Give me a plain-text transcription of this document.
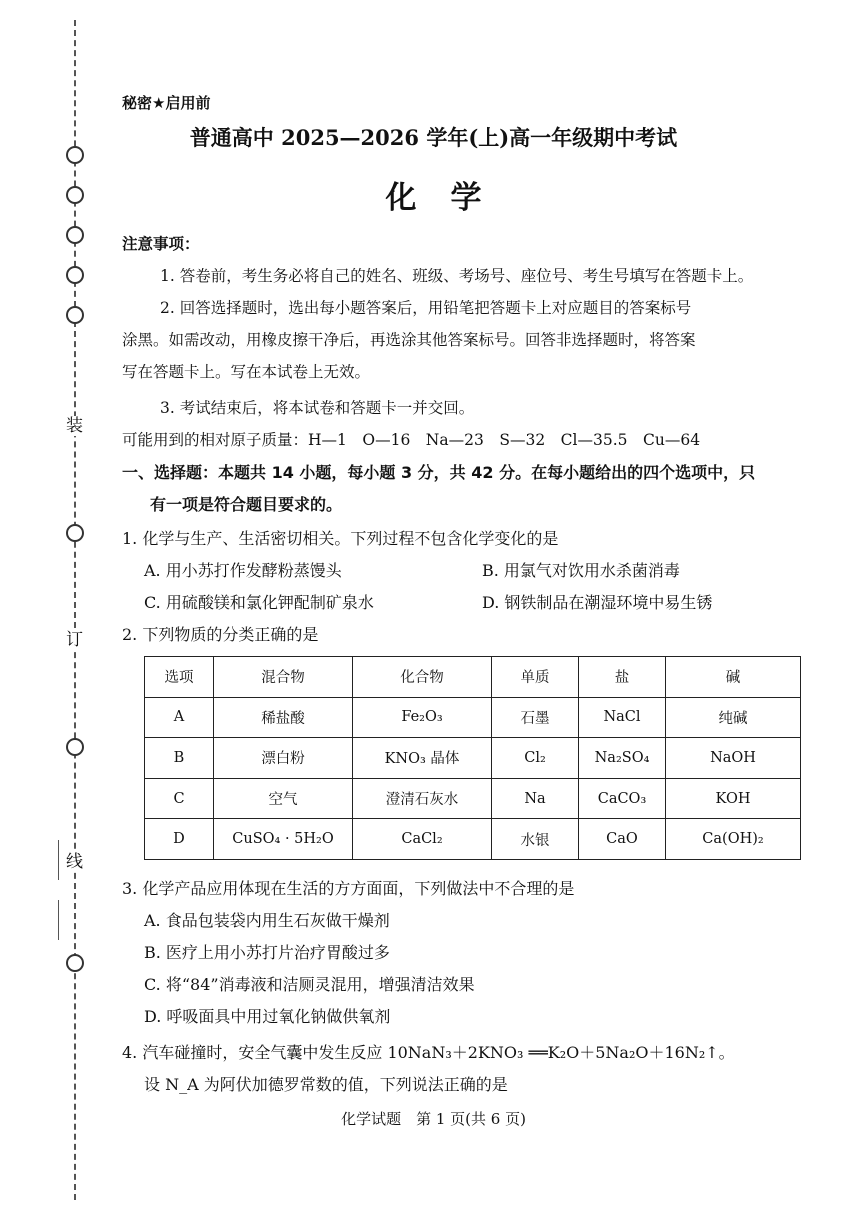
装
订
线
秘密★启用前
普通高中 2025—2026 学年(上)高一年级期中考试
化学
注意事项：
1. 答卷前，考生务必将自己的姓名、班级、考场号、座位号、考生号填写在答题卡上。
2. 回答选择题时，选出每小题答案后，用铅笔把答题卡上对应题目的答案标号
涂黑。如需改动，用橡皮擦干净后，再选涂其他答案标号。回答非选择题时，将答案
写在答题卡上。写在本试卷上无效。
3. 考试结束后，将本试卷和答题卡一并交回。
可能用到的相对原子质量：H—1　O—16　Na—23　S—32　Cl—35.5　Cu—64
一、选择题：本题共 14 小题，每小题 3 分，共 42 分。在每小题给出的四个选项中，只
有一项是符合题目要求的。
1. 化学与生产、生活密切相关。下列过程不包含化学变化的是
A. 用小苏打作发酵粉蒸馒头	B. 用氯气对饮用水杀菌消毒
C. 用硫酸镁和氯化钾配制矿泉水	D. 钢铁制品在潮湿环境中易生锈
2. 下列物质的分类正确的是
选项	混合物	化合物	单质	盐	碱
A	稀盐酸	Fe₂O₃	石墨	NaCl	纯碱
B	漂白粉	KNO₃ 晶体	Cl₂	Na₂SO₄	NaOH
C	空气	澄清石灰水	Na	CaCO₃	KOH
D	CuSO₄ · 5H₂O	CaCl₂	水银	CaO	Ca(OH)₂
3. 化学产品应用体现在生活的方方面面，下列做法中不合理的是
A. 食品包装袋内用生石灰做干燥剂
B. 医疗上用小苏打片治疗胃酸过多
C. 将“84”消毒液和洁厕灵混用，增强清洁效果
D. 呼吸面具中用过氧化钠做供氧剂
4. 汽车碰撞时，安全气囊中发生反应 10NaN₃＋2KNO₃ ══K₂O＋5Na₂O＋16N₂↑。
设 N_A 为阿伏加德罗常数的值，下列说法正确的是
化学试题　第 1 页(共 6 页)
